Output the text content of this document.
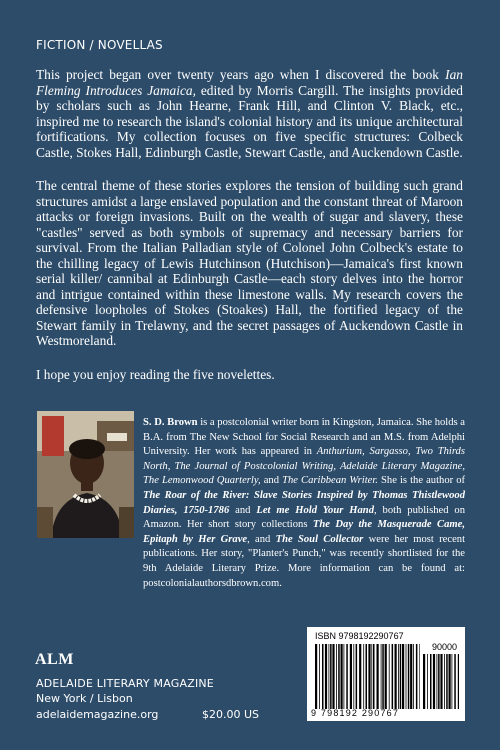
FICTION / NOVELLAS
This project began over twenty years ago when I discovered the book Ian Fleming Introduces Jamaica, edited by Morris Cargill. The insights provided by scholars such as John Hearne, Frank Hill, and Clinton V. Black, etc., inspired me to research the island's colonial history and its unique architectural fortifications. My collection focuses on five specific structures: Colbeck Castle, Stokes Hall, Edinburgh Castle, Stewart Castle, and Auckendown Castle.
The central theme of these stories explores the tension of building such grand structures amidst a large enslaved population and the constant threat of Maroon attacks or foreign invasions. Built on the wealth of sugar and slavery, these "castles" served as both symbols of supremacy and necessary barriers for survival. From the Italian Palladian style of Colonel John Colbeck's estate to the chilling legacy of Lewis Hutchinson (Hutchison)—Jamaica's first known serial killer/ cannibal at Edinburgh Castle—each story delves into the horror and intrigue contained within these limestone walls. My research covers the defensive loopholes of Stokes (Stoakes) Hall, the fortified legacy of the Stewart family in Trelawny, and the secret passages of Auckendown Castle in Westmoreland.
I hope you enjoy reading the five novelettes.
S. D. Brown is a postcolonial writer born in Kingston, Jamaica. She holds a B.A. from The New School for Social Research and an M.S. from Adelphi University. Her work has appeared in Anthurium, Sargasso, Two Thirds North, The Journal of Postcolonial Writing, Adelaide Literary Magazine, The Lemonwood Quarterly, and The Caribbean Writer. She is the author of The Roar of the River: Slave Stories Inspired by Thomas Thistlewood Diaries, 1750-1786 and Let me Hold Your Hand, both published on Amazon. Her short story collections The Day the Masquerade Came, Epitaph by Her Grave, and The Soul Collector were her most recent publications. Her story, "Planter's Punch," was recently shortlisted for the 9th Adelaide Literary Prize. More information can be found at: postcolonialauthorsdbrown.com.
ALM
ADELAIDE LITERARY MAGAZINE
New York / Lisbon
adelaidemagazine.org	$20.00 US
ISBN 9798192290767
90000
9 798192 290767
